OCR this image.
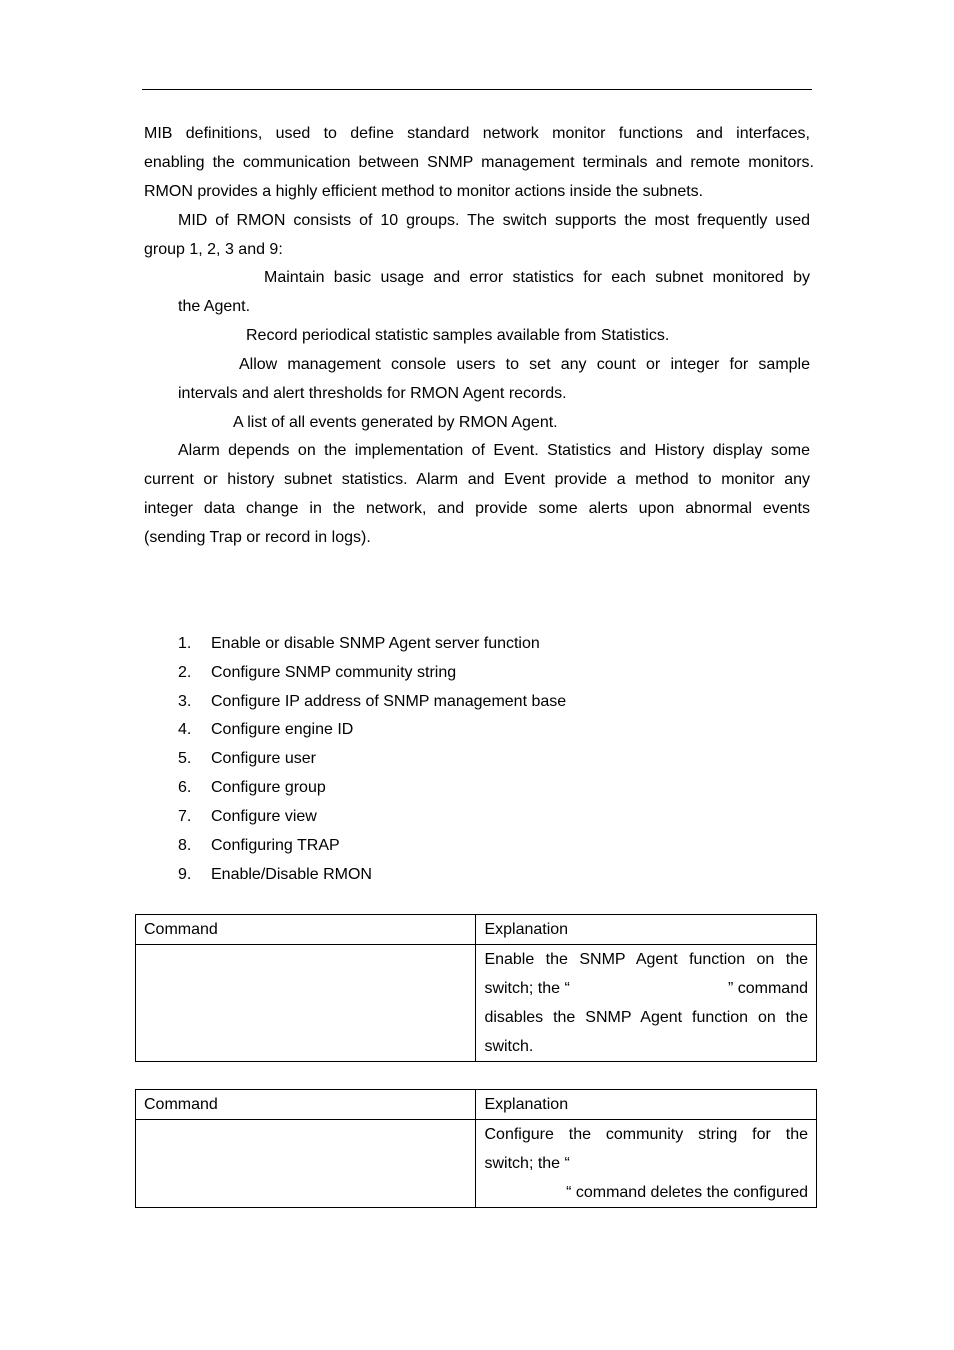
MIB definitions, used to define standard network monitor functions and interfaces,
enabling the communication between SNMP management terminals and remote monitors.
RMON provides a highly efficient method to monitor actions inside the subnets.
MID of RMON consists of 10 groups. The switch supports the most frequently used
group 1, 2, 3 and 9:
Maintain basic usage and error statistics for each subnet monitored by
the Agent.
Record periodical statistic samples available from Statistics.
Allow management console users to set any count or integer for sample
intervals and alert thresholds for RMON Agent records.
A list of all events generated by RMON Agent.
Alarm depends on the implementation of Event. Statistics and History display some
current or history subnet statistics. Alarm and Event provide a method to monitor any
integer data change in the network, and provide some alerts upon abnormal events
(sending Trap or record in logs).
1. Enable or disable SNMP Agent server function
2. Configure SNMP community string
3. Configure IP address of SNMP management base
4. Configure engine ID
5. Configure user
6. Configure group
7. Configure view
8. Configuring TRAP
9. Enable/Disable RMON
Command	Explanation

	Enable the SNMP Agent function on the
switch; the “ ” command
disables the SNMP Agent function on the
switch.
Command	Explanation

	Configure the community string for the
switch; the “
“ command deletes the configured
